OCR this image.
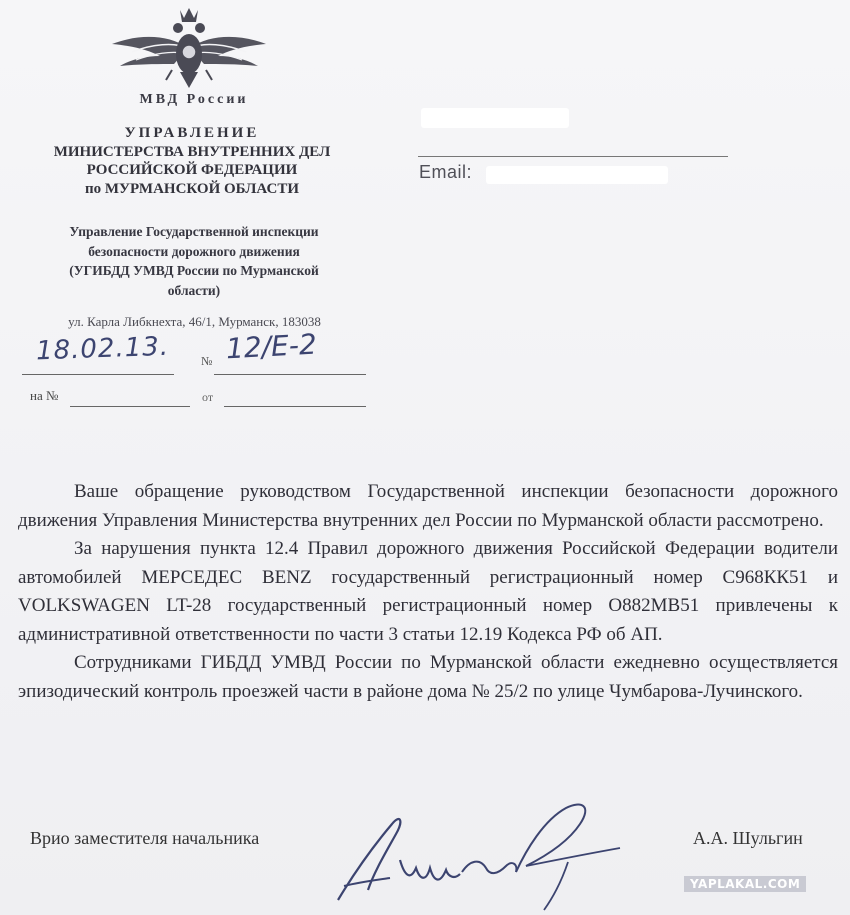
МВД России
УПРАВЛЕНИЕ
МИНИСТЕРСТВА ВНУТРЕННИХ ДЕЛ
РОССИЙСКОЙ ФЕДЕРАЦИИ
по МУРМАНСКОЙ ОБЛАСТИ
Управление Государственной инспекции
безопасности дорожного движения
(УГИБДД УМВД России по Мурманской
области)
ул. Карла Либкнехта, 46/1, Мурманск, 183038
18.02.13.	№ 12/Е-2
на №	от
Email:

Ваше обращение руководством Государственной инспекции безопасности дорожного движения Управления Министерства внутренних дел России по Мурманской области рассмотрено.

За нарушения пункта 12.4 Правил дорожного движения Российской Федерации водители автомобилей МЕРСЕДЕС BENZ государственный регистрационный номер С968КК51 и VOLKSWAGEN LT-28 государственный регистрационный номер О882МВ51 привлечены к административной ответственности по части 3 статьи 12.19 Кодекса РФ об АП.

Сотрудниками ГИБДД УМВД России по Мурманской области ежедневно осуществляется эпизодический контроль проезжей части в районе дома № 25/2 по улице Чумбарова-Лучинского.

Врио заместителя начальника	А.А. Шульгин
YAPLAKAL.COM
